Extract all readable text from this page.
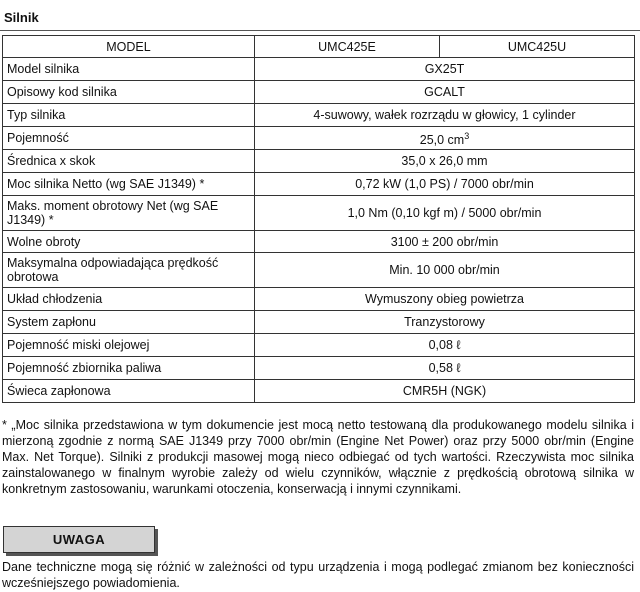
Silnik
MODEL	UMC425E	UMC425U
Model silnika	GX25T	
Opisowy kod silnika	GCALT	
Typ silnika	4-suwowy, wałek rozrządu w głowicy, 1 cylinder	
Pojemność	25,0 $cm^3$
Średnica x skok	35,0 x 26,0 mm	
Moc silnika Netto (wg SAE J1349) *	0,72 kW (1,0 PS) / 7000 obr/min	
Maks. moment obrotowy Net (wg SAE J1349) *	1,0 Nm (0,10 kgf m) / 5000 obr/min	
Wolne obroty	3100 ± 200 obr/min	
Maksymalna odpowiadająca prędkość obrotowa	Min. 10 000 obr/min	
Układ chłodzenia	Wymuszony obieg powietrza	
System zapłonu	Tranzystorowy	
Pojemność miski olejowej	0,08 ℓ	
Pojemność zbiornika paliwa	0,58 ℓ	
Świeca zapłonowa	CMR5H (NGK)	
* „Moc silnika przedstawiona w tym dokumencie jest mocą netto testowaną dla produkowanego modelu silnika i mierzoną zgodnie z normą SAE J1349 przy 7000 obr/min (Engine Net Power) oraz przy 5000 obr/min (Engine Max. Net Torque). Silniki z produkcji masowej mogą nieco odbiegać od tych wartości. Rzeczywista moc silnika zainstalowanego w finalnym wyrobie zależy od wielu czynników, włącznie z prędkością obrotową silnika w konkretnym zastosowaniu, warunkami otoczenia, konserwacją i innymi czynnikami.
UWAGA
Dane techniczne mogą się różnić w zależności od typu urządzenia i mogą podlegać zmianom bez konieczności wcześniejszego powiadomienia.
